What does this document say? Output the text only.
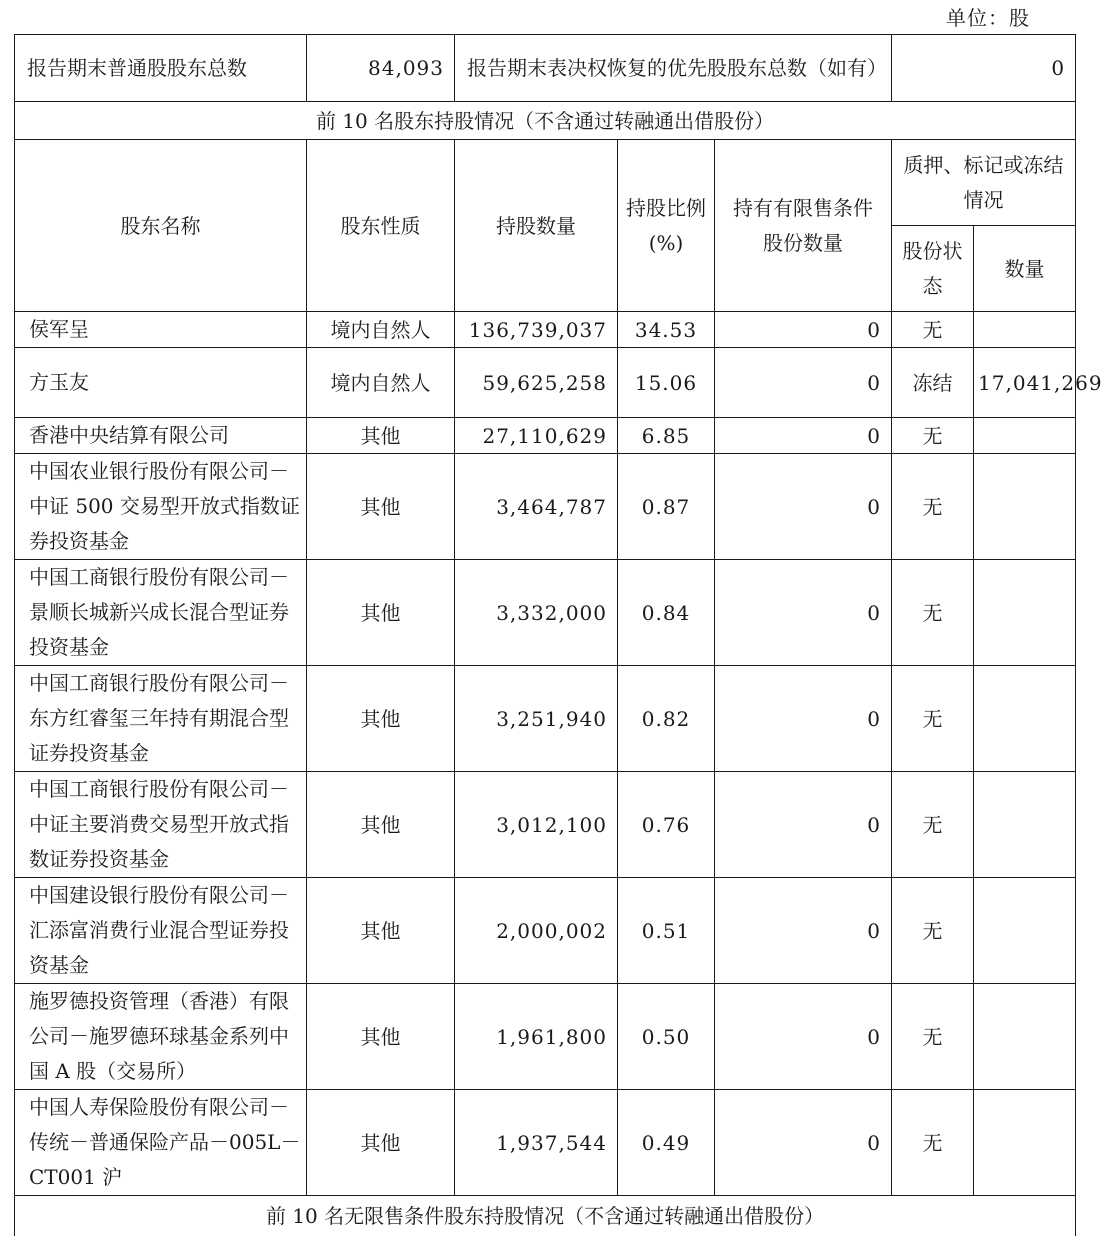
单位：股
报告期末普通股股东总数	84,093	报告期末表决权恢复的优先股股东总数（如有）			0	
前 10 名股东持股情况（不含通过转融通出借股份）						
股东名称	股东性质	持股数量	持股比例(%)	持有有限售条件股份数量	质押、标记或冻结情况	
					股份状态	数量
侯军呈	境内自然人	136,739,037	34.53	0	无	
方玉友	境内自然人	59,625,258	15.06	0	冻结	17,041,269
香港中央结算有限公司	其他	27,110,629	6.85	0	无	
中国农业银行股份有限公司－中证 500 交易型开放式指数证券投资基金	其他	3,464,787	0.87	0	无	
中国工商银行股份有限公司－景顺长城新兴成长混合型证券投资基金	其他	3,332,000	0.84	0	无	
中国工商银行股份有限公司－东方红睿玺三年持有期混合型证券投资基金	其他	3,251,940	0.82	0	无	
中国工商银行股份有限公司－中证主要消费交易型开放式指数证券投资基金	其他	3,012,100	0.76	0	无	
中国建设银行股份有限公司－汇添富消费行业混合型证券投资基金	其他	2,000,002	0.51	0	无	
施罗德投资管理（香港）有限公司－施罗德环球基金系列中国 A 股（交易所）	其他	1,961,800	0.50	0	无	
中国人寿保险股份有限公司－传统－普通保险产品－005L－CT001 沪	其他	1,937,544	0.49	0	无	
前 10 名无限售条件股东持股情况（不含通过转融通出借股份）						
